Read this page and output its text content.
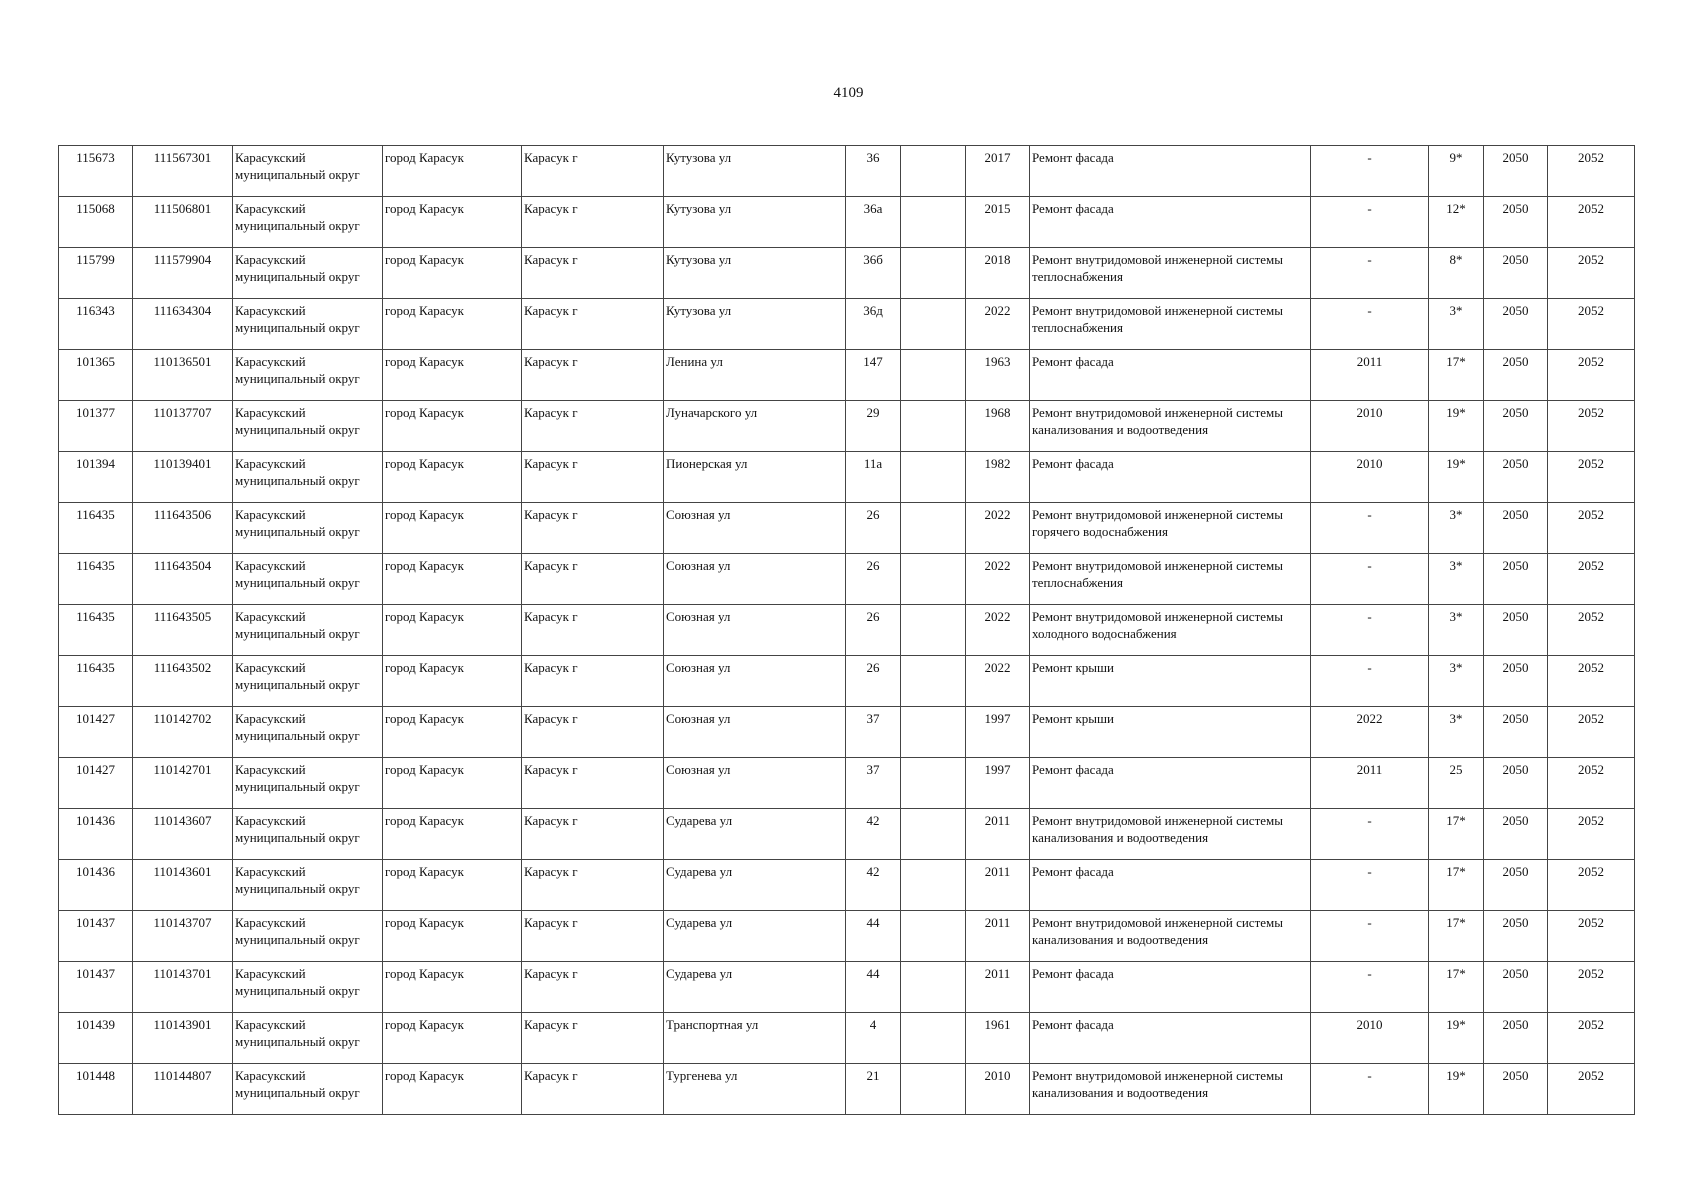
4109
115673	111567301	Карасукский муниципальный округ	город Карасук	Карасук г	Кутузова ул	36		2017	Ремонт фасада	-	9*	2050	2052
115068	111506801	Карасукский муниципальный округ	город Карасук	Карасук г	Кутузова ул	36а		2015	Ремонт фасада	-	12*	2050	2052
115799	111579904	Карасукский муниципальный округ	город Карасук	Карасук г	Кутузова ул	36б		2018	Ремонт внутридомовой инженерной системы теплоснабжения	-	8*	2050	2052
116343	111634304	Карасукский муниципальный округ	город Карасук	Карасук г	Кутузова ул	36д		2022	Ремонт внутридомовой инженерной системы теплоснабжения	-	3*	2050	2052
101365	110136501	Карасукский муниципальный округ	город Карасук	Карасук г	Ленина ул	147		1963	Ремонт фасада	2011	17*	2050	2052
101377	110137707	Карасукский муниципальный округ	город Карасук	Карасук г	Луначарского ул	29		1968	Ремонт внутридомовой инженерной системы канализования и водоотведения	2010	19*	2050	2052
101394	110139401	Карасукский муниципальный округ	город Карасук	Карасук г	Пионерская ул	11а		1982	Ремонт фасада	2010	19*	2050	2052
116435	111643506	Карасукский муниципальный округ	город Карасук	Карасук г	Союзная ул	26		2022	Ремонт внутридомовой инженерной системы горячего водоснабжения	-	3*	2050	2052
116435	111643504	Карасукский муниципальный округ	город Карасук	Карасук г	Союзная ул	26		2022	Ремонт внутридомовой инженерной системы теплоснабжения	-	3*	2050	2052
116435	111643505	Карасукский муниципальный округ	город Карасук	Карасук г	Союзная ул	26		2022	Ремонт внутридомовой инженерной системы холодного водоснабжения	-	3*	2050	2052
116435	111643502	Карасукский муниципальный округ	город Карасук	Карасук г	Союзная ул	26		2022	Ремонт крыши	-	3*	2050	2052
101427	110142702	Карасукский муниципальный округ	город Карасук	Карасук г	Союзная ул	37		1997	Ремонт крыши	2022	3*	2050	2052
101427	110142701	Карасукский муниципальный округ	город Карасук	Карасук г	Союзная ул	37		1997	Ремонт фасада	2011	25	2050	2052
101436	110143607	Карасукский муниципальный округ	город Карасук	Карасук г	Сударева ул	42		2011	Ремонт внутридомовой инженерной системы канализования и водоотведения	-	17*	2050	2052
101436	110143601	Карасукский муниципальный округ	город Карасук	Карасук г	Сударева ул	42		2011	Ремонт фасада	-	17*	2050	2052
101437	110143707	Карасукский муниципальный округ	город Карасук	Карасук г	Сударева ул	44		2011	Ремонт внутридомовой инженерной системы канализования и водоотведения	-	17*	2050	2052
101437	110143701	Карасукский муниципальный округ	город Карасук	Карасук г	Сударева ул	44		2011	Ремонт фасада	-	17*	2050	2052
101439	110143901	Карасукский муниципальный округ	город Карасук	Карасук г	Транспортная ул	4		1961	Ремонт фасада	2010	19*	2050	2052
101448	110144807	Карасукский муниципальный округ	город Карасук	Карасук г	Тургенева ул	21		2010	Ремонт внутридомовой инженерной системы канализования и водоотведения	-	19*	2050	2052
